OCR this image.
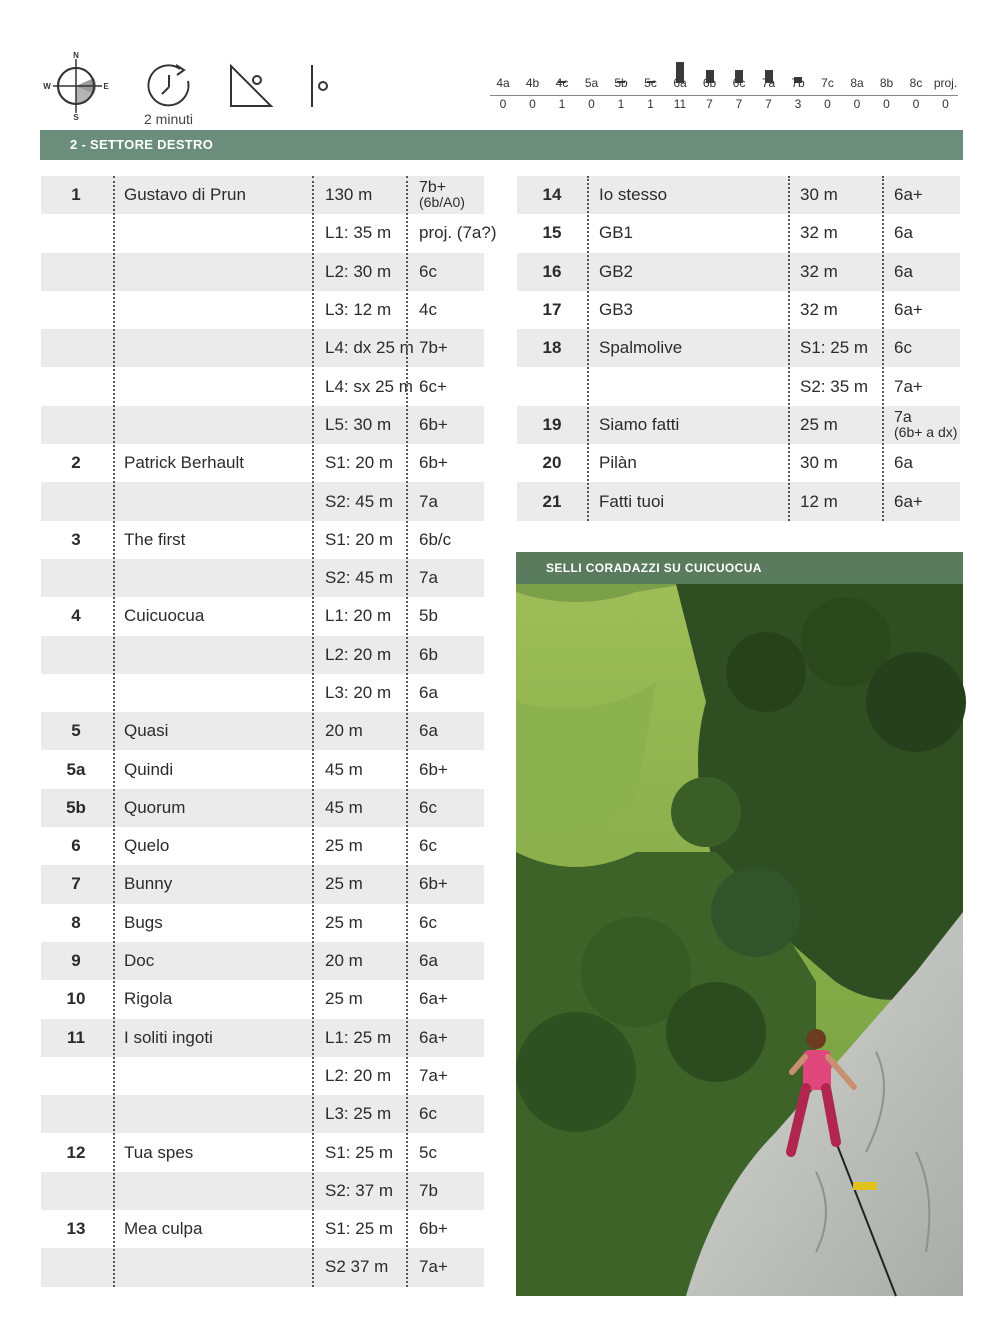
N
S
E
W
2 minuti
4a
0
4b
0
4c
1
5a
0
5b
1
5c
1
6a
11
6b
7
6c
7
7a
7
7b
3
7c
0
8a
0
8b
0
8c
0
proj.
0
2 - SETTORE DESTRO
1	Gustavo di Prun	130 m	7b+
(6b/A0)
L1: 35 m	proj. (7a?)
L2: 30 m	6c
L3: 12 m	4c
L4: dx 25 m 7b+
L4: sx 25 m 6c+
L5: 30 m	6b+
2	Patrick Berhault	S1: 20 m	6b+
S2: 45 m	7a
3	The first	S1: 20 m	6b/c
S2: 45 m	7a
4	Cuicuocua	L1: 20 m	5b
L2: 20 m	6b
L3: 20 m	6a
5	Quasi	20 m	6a
5a	Quindi	45 m	6b+
5b	Quorum	45 m	6c
6	Quelo	25 m	6c
7	Bunny	25 m	6b+
8	Bugs	25 m	6c
9	Doc	20 m	6a
10	Rigola	25 m	6a+
11	I soliti ingoti	L1: 25 m	6a+
L2: 20 m	7a+
L3: 25 m	6c
12	Tua spes	S1: 25 m	5c
S2: 37 m	7b
13	Mea culpa	S1: 25 m	6b+
S2 37 m	7a+
14	Io stesso	30 m	6a+
15	GB1	32 m	6a
16	GB2	32 m	6a
17	GB3	32 m	6a+
18	Spalmolive	S1: 25 m	6c
S2: 35 m	7a+
19	Siamo fatti	25 m	7a
(6b+ a dx)
20	Pilàn	30 m	6a
21	Fatti tuoi	12 m	6a+
SELLI CORADAZZI SU CUICUOCUA
